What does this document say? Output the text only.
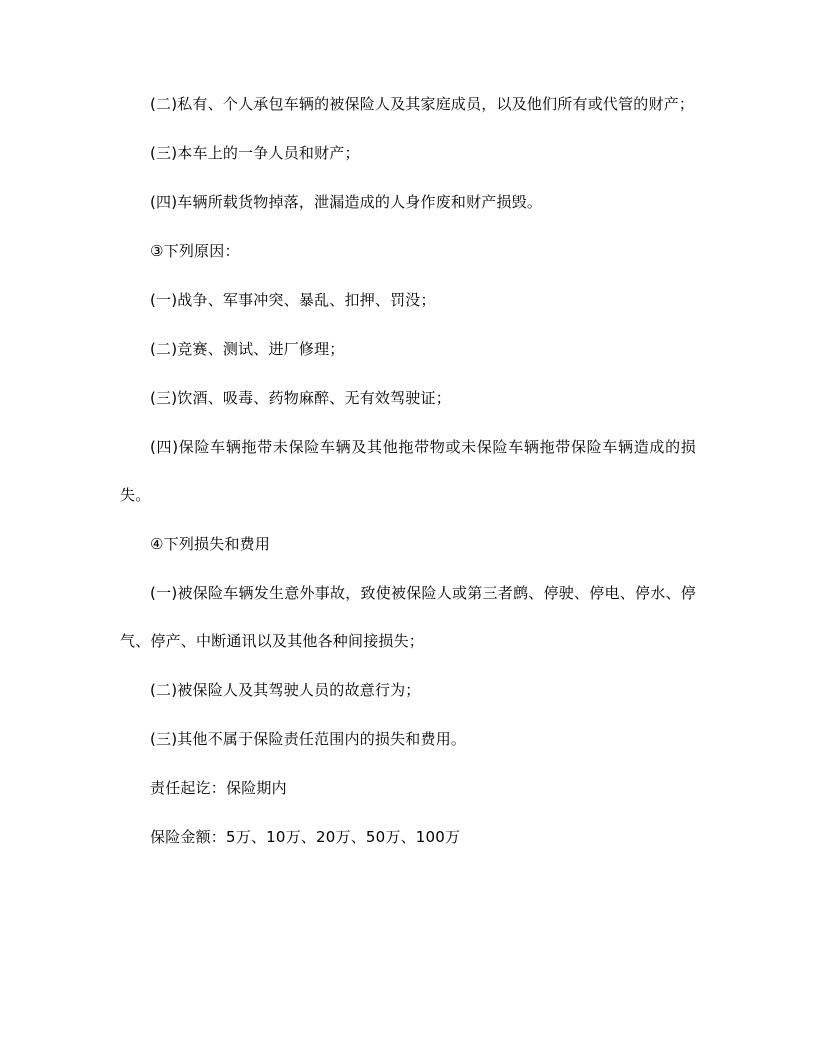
(二)私有、个人承包车辆的被保险人及其家庭成员，以及他们所有或代管的财产；

(三)本车上的一争人员和财产；

(四)车辆所载货物掉落，泄漏造成的人身作废和财产损毁。

③下列原因：

(一)战争、军事冲突、暴乱、扣押、罚没；

(二)竞赛、测试、进厂修理；

(三)饮酒、吸毒、药物麻醉、无有效驾驶证；

(四)保险车辆拖带未保险车辆及其他拖带物或未保险车辆拖带保险车辆造成的损失。

④下列损失和费用

(一)被保险车辆发生意外事故，致使被保险人或第三者鹧、停驶、停电、停水、停气、停产、中断通讯以及其他各种间接损失；

(二)被保险人及其驾驶人员的故意行为；

(三)其他不属于保险责任范围内的损失和费用。

责任起讫：保险期内

保险金额：5万、10万、20万、50万、100万
